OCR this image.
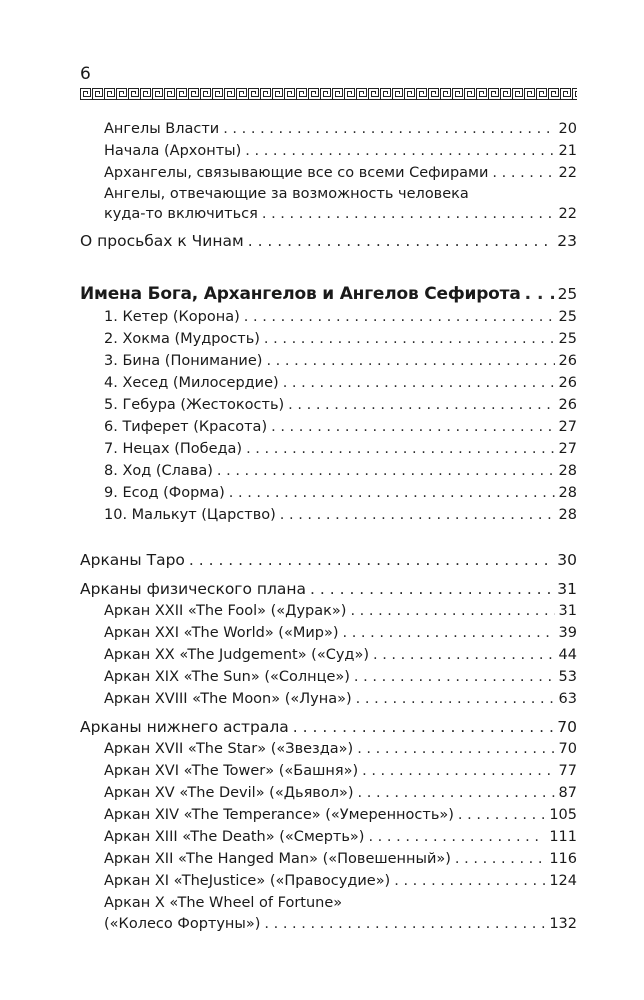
6
Ангелы Власти . . .	20
Начала (Архонты) . . .	21
Архангелы, связывающие все со всеми Сефирами . . .	22
Ангелы, отвечающие за возможность человека
куда-то включиться . . .	22
О просьбах к Чинам . . .	23
Имена Бога, Архангелов и Ангелов Сефирота . . . 25
1. Кетер (Корона) . . .	25
2. Хокма (Мудрость) . . .	25
3. Бина (Понимание) . . .	26
4. Хесед (Милосердие) . . .	26
5. Гебура (Жестокость) . . .	26
6. Тиферет (Красота) . . .	27
7. Нецах (Победа) . . .	27
8. Ход (Слава) . . .	28
9. Есод (Форма) . . .	28
10. Малькут (Царство) . . .	28
Арканы Таро . . .	30
Арканы физического плана . . .	31
Аркан XXII «The Fool» («Дурак») . . .	31
Аркан XXI «The World» («Мир») . . .	39
Аркан XX «The Judgement» («Суд») . . .	44
Аркан XIX «The Sun» («Солнце») . . .	53
Аркан XVIII «The Moon» («Луна») . . .	63
Арканы нижнего астрала . . .	70
Аркан XVII «The Star» («Звезда») . . .	70
Аркан XVI «The Tower» («Башня») . . .	77
Аркан XV «The Devil» («Дьявол») . . .	87
Аркан XIV «The Temperance» («Умеренность») . . .	105
Аркан XIII «The Death» («Смерть») . . .	111
Аркан XII «The Hanged Man» («Повешенный») . . .	116
Аркан XI «TheJustice» («Правосудие») . . .	124
Аркан X «The Wheel of Fortune»
(«Колесо Фортуны») . . .	132
